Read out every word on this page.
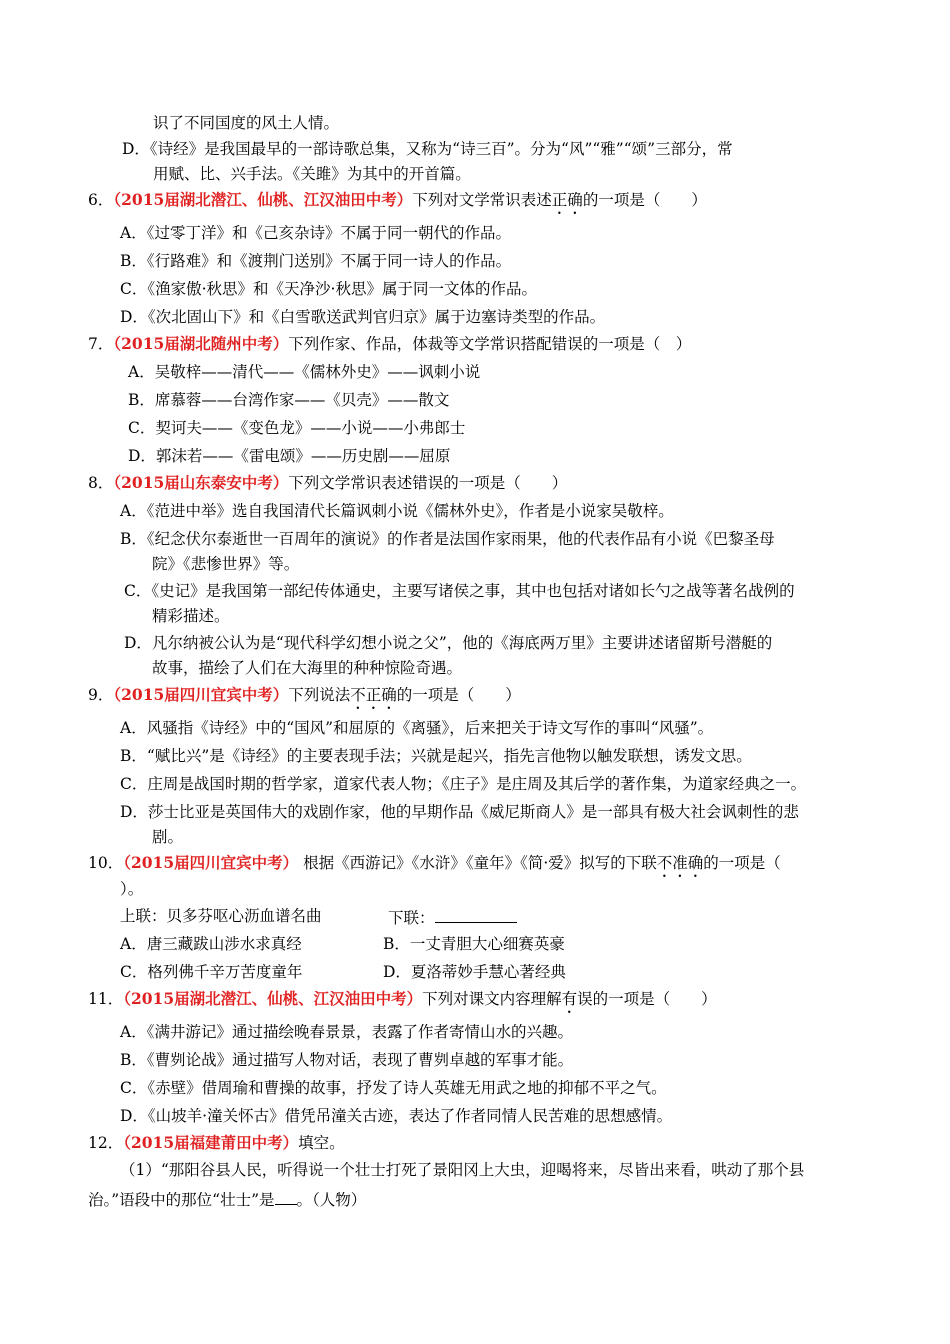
识了不同国度的风土人情。
D．《诗经》是我国最早的一部诗歌总集，又称为“诗三百”。分为“风”“雅”“颂”三部分，常
用赋、比、兴手法。《关雎》为其中的开首篇。
6．（2015届湖北潜江、仙桃、江汉油田中考）下列对文学常识表述正确的一项是（　　）
A．《过零丁洋》和《己亥杂诗》不属于同一朝代的作品。
B．《行路难》和《渡荆门送别》不属于同一诗人的作品。
C．《渔家傲·秋思》和《天净沙·秋思》属于同一文体的作品。
D．《次北固山下》和《白雪歌送武判官归京》属于边塞诗类型的作品。
7．（2015届湖北随州中考）下列作家、作品，体裁等文学常识搭配错误的一项是（　）
A．吴敬梓——清代——《儒林外史》——讽刺小说
B．席慕蓉——台湾作家——《贝壳》——散文
C．契诃夫——《变色龙》——小说——小弗郎士
D．郭沫若——《雷电颂》——历史剧——屈原
8．（2015届山东泰安中考）下列文学常识表述错误的一项是（　　）
A．《范进中举》选自我国清代长篇讽刺小说《儒林外史》，作者是小说家吴敬梓。
B．《纪念伏尔泰逝世一百周年的演说》的作者是法国作家雨果，他的代表作品有小说《巴黎圣母
院》《悲惨世界》等。
C．《史记》是我国第一部纪传体通史，主要写诸侯之事，其中也包括对诸如长勺之战等著名战例的
精彩描述。
D．凡尔纳被公认为是“现代科学幻想小说之父”，他的《海底两万里》主要讲述诸留斯号潜艇的
故事，描绘了人们在大海里的种种惊险奇遇。
9．（2015届四川宜宾中考）下列说法不正确的一项是（　　）
A．风骚指《诗经》中的“国风”和屈原的《离骚》，后来把关于诗文写作的事叫“风骚”。
B．“赋比兴”是《诗经》的主要表现手法；兴就是起兴，指先言他物以触发联想，诱发文思。
C．庄周是战国时期的哲学家，道家代表人物；《庄子》是庄周及其后学的著作集，为道家经典之一。
D．莎士比亚是英国伟大的戏剧作家，他的早期作品《威尼斯商人》是一部具有极大社会讽刺性的悲
剧。
10．（2015届四川宜宾中考） 根据《西游记》《水浒》《童年》《简·爱》拟写的下联不准确的一项是（
）。
上联：贝多芬呕心沥血谱名曲	下联：
A．唐三藏跋山涉水求真经	B．一丈青胆大心细赛英豪
C．格列佛千辛万苦度童年	D．夏洛蒂妙手慧心著经典
11．（2015届湖北潜江、仙桃、江汉油田中考）下列对课文内容理解有误的一项是（　　）
A．《满井游记》通过描绘晚春景景，表露了作者寄情山水的兴趣。
B．《曹刿论战》通过描写人物对话，表现了曹刿卓越的军事才能。
C．《赤壁》借周瑜和曹操的故事，抒发了诗人英雄无用武之地的抑郁不平之气。
D．《山坡羊·潼关怀古》借凭吊潼关古迹，表达了作者同情人民苦难的思想感情。
12．（2015届福建莆田中考）填空。
（1）“那阳谷县人民，听得说一个壮士打死了景阳冈上大虫，迎喝将来，尽皆出来看，哄动了那个县
治。”语段中的那位“壮士”是 。（人物）
